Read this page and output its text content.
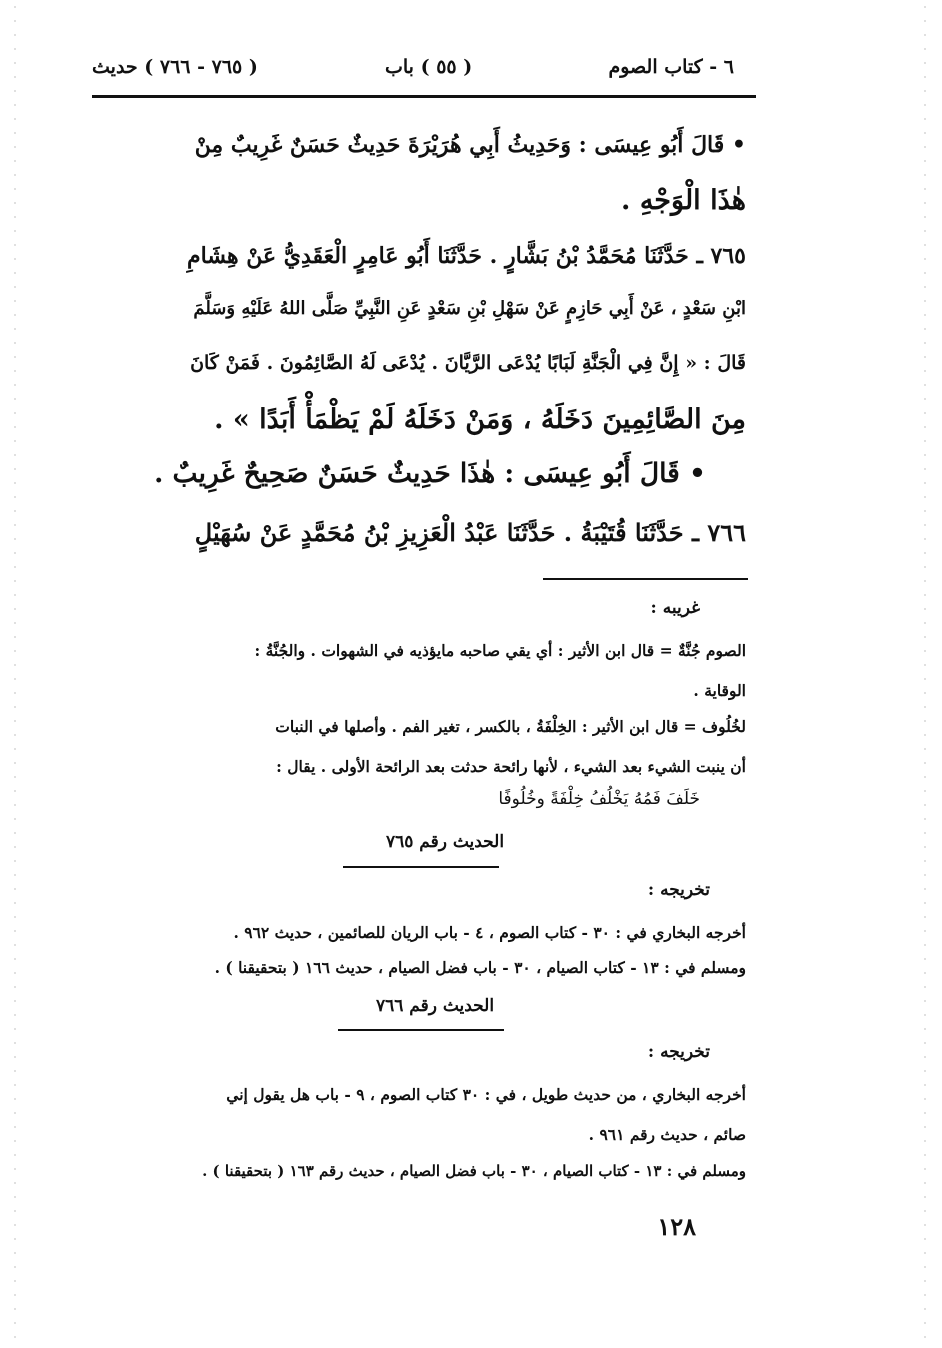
٦ - كتاب الصوم
( ٥٥ ) باب
( ٧٦٥ - ٧٦٦ ) حديث
• قَالَ أَبُو عِيسَى : وَحَدِيثُ أَبِي هُرَيْرَةَ حَدِيثٌ حَسَنٌ غَرِيبٌ مِنْ
هٰذَا الْوَجْهِ .
٧٦٥ ـ حَدَّثَنَا مُحَمَّدُ بْنُ بَشَّارٍ . حَدَّثَنَا أَبُو عَامِرٍ الْعَقَدِيُّ عَنْ هِشَامِ
ابْنِ سَعْدٍ ، عَنْ أَبِي حَازِمٍ عَنْ سَهْلِ بْنِ سَعْدٍ عَنِ النَّبِيِّ صَلَّى اللهُ عَلَيْهِ وَسَلَّمَ
قَالَ : « إِنَّ فِي الْجَنَّةِ لَبَابًا يُدْعَى الرَّيَّانَ . يُدْعَى لَهُ الصَّائِمُونَ . فَمَنْ كَانَ
مِنَ الصَّائِمِينَ دَخَلَهُ ، وَمَنْ دَخَلَهُ لَمْ يَظْمَأْ أَبَدًا » .
• قَالَ أَبُو عِيسَى : هٰذَا حَدِيثٌ حَسَنٌ صَحِيحٌ غَرِيبٌ .
٧٦٦ ـ حَدَّثَنَا قُتَيْبَةُ . حَدَّثَنَا عَبْدُ الْعَزِيزِ بْنُ مُحَمَّدٍ عَنْ سُهَيْلٍ
غريبه :
الصوم جُنَّةٌ = قال ابن الأثير : أي يقي صاحبه مايؤذيه في الشهوات . والجُنَّةُ :
الوقاية .
لخُلُوف = قال ابن الأثير : الخِلْفَةُ ، بالكسر ، تغير الفم . وأصلها في النبات
أن ينبت الشيء بعد الشيء ، لأنها رائحة حدثت بعد الرائحة الأولى . يقال :
خَلَفَ فَمُهُ يَخْلُفُ خِلْفَةً وخُلُوفًا
الحديث رقم ٧٦٥
تخريجه :
أخرجه البخاري في : ٣٠ - كتاب الصوم ، ٤ - باب الريان للصائمين ، حديث ٩٦٢ .
ومسلم في : ١٣ - كتاب الصيام ، ٣٠ - باب فضل الصيام ، حديث ١٦٦ ( بتحقيقنا ) .
الحديث رقم ٧٦٦
تخريجه :
أخرجه البخاري ، من حديث طويل ، في : ٣٠ كتاب الصوم ، ٩ - باب هل يقول إني
صائم ، حديث رقم ٩٦١ .
ومسلم في : ١٣ - كتاب الصيام ، ٣٠ - باب فضل الصيام ، حديث رقم ١٦٣ ( بتحقيقنا ) .
١٢٨
